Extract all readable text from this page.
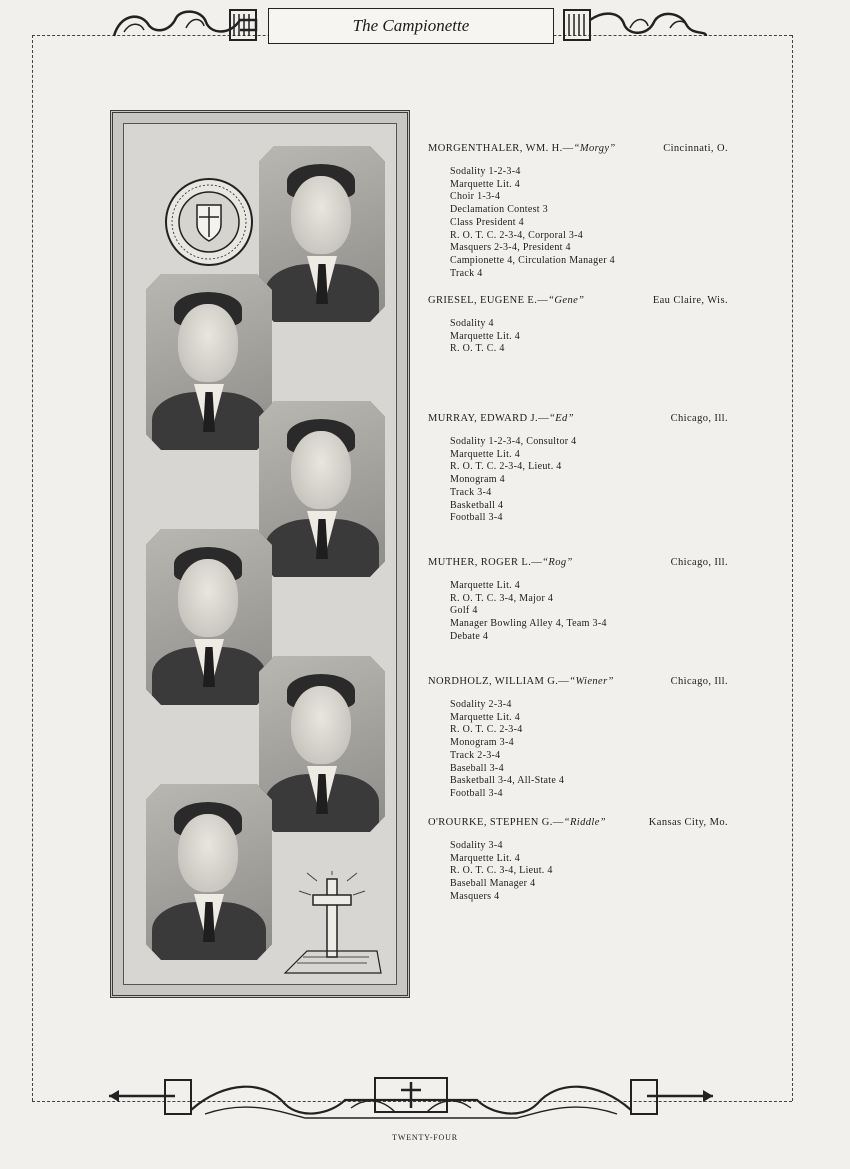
The Campionette
MORGENTHALER, WM. H.—“Morgy”	Cincinnati, O.
Sodality 1-2-3-4
Marquette Lit. 4
Choir 1-3-4
Declamation Contest 3
Class President 4
R. O. T. C. 2-3-4, Corporal 3-4
Masquers 2-3-4, President 4
Campionette 4, Circulation Manager 4
Track 4
GRIESEL, EUGENE E.—“Gene”	Eau Claire, Wis.
Sodality 4
Marquette Lit. 4
R. O. T. C. 4
MURRAY, EDWARD J.—“Ed”	Chicago, Ill.
Sodality 1-2-3-4, Consultor 4
Marquette Lit. 4
R. O. T. C. 2-3-4, Lieut. 4
Monogram 4
Track 3-4
Basketball 4
Football 3-4
MUTHER, ROGER L.—“Rog”	Chicago, Ill.
Marquette Lit. 4
R. O. T. C. 3-4, Major 4
Golf 4
Manager Bowling Alley 4, Team 3-4
Debate 4
NORDHOLZ, WILLIAM G.—“Wiener”	Chicago, Ill.
Sodality 2-3-4
Marquette Lit. 4
R. O. T. C. 2-3-4
Monogram 3-4
Track 2-3-4
Baseball 3-4
Basketball 3-4, All-State 4
Football 3-4
O'ROURKE, STEPHEN G.—“Riddle”	Kansas City, Mo.
Sodality 3-4
Marquette Lit. 4
R. O. T. C. 3-4, Lieut. 4
Baseball Manager 4
Masquers 4
TWENTY-FOUR
